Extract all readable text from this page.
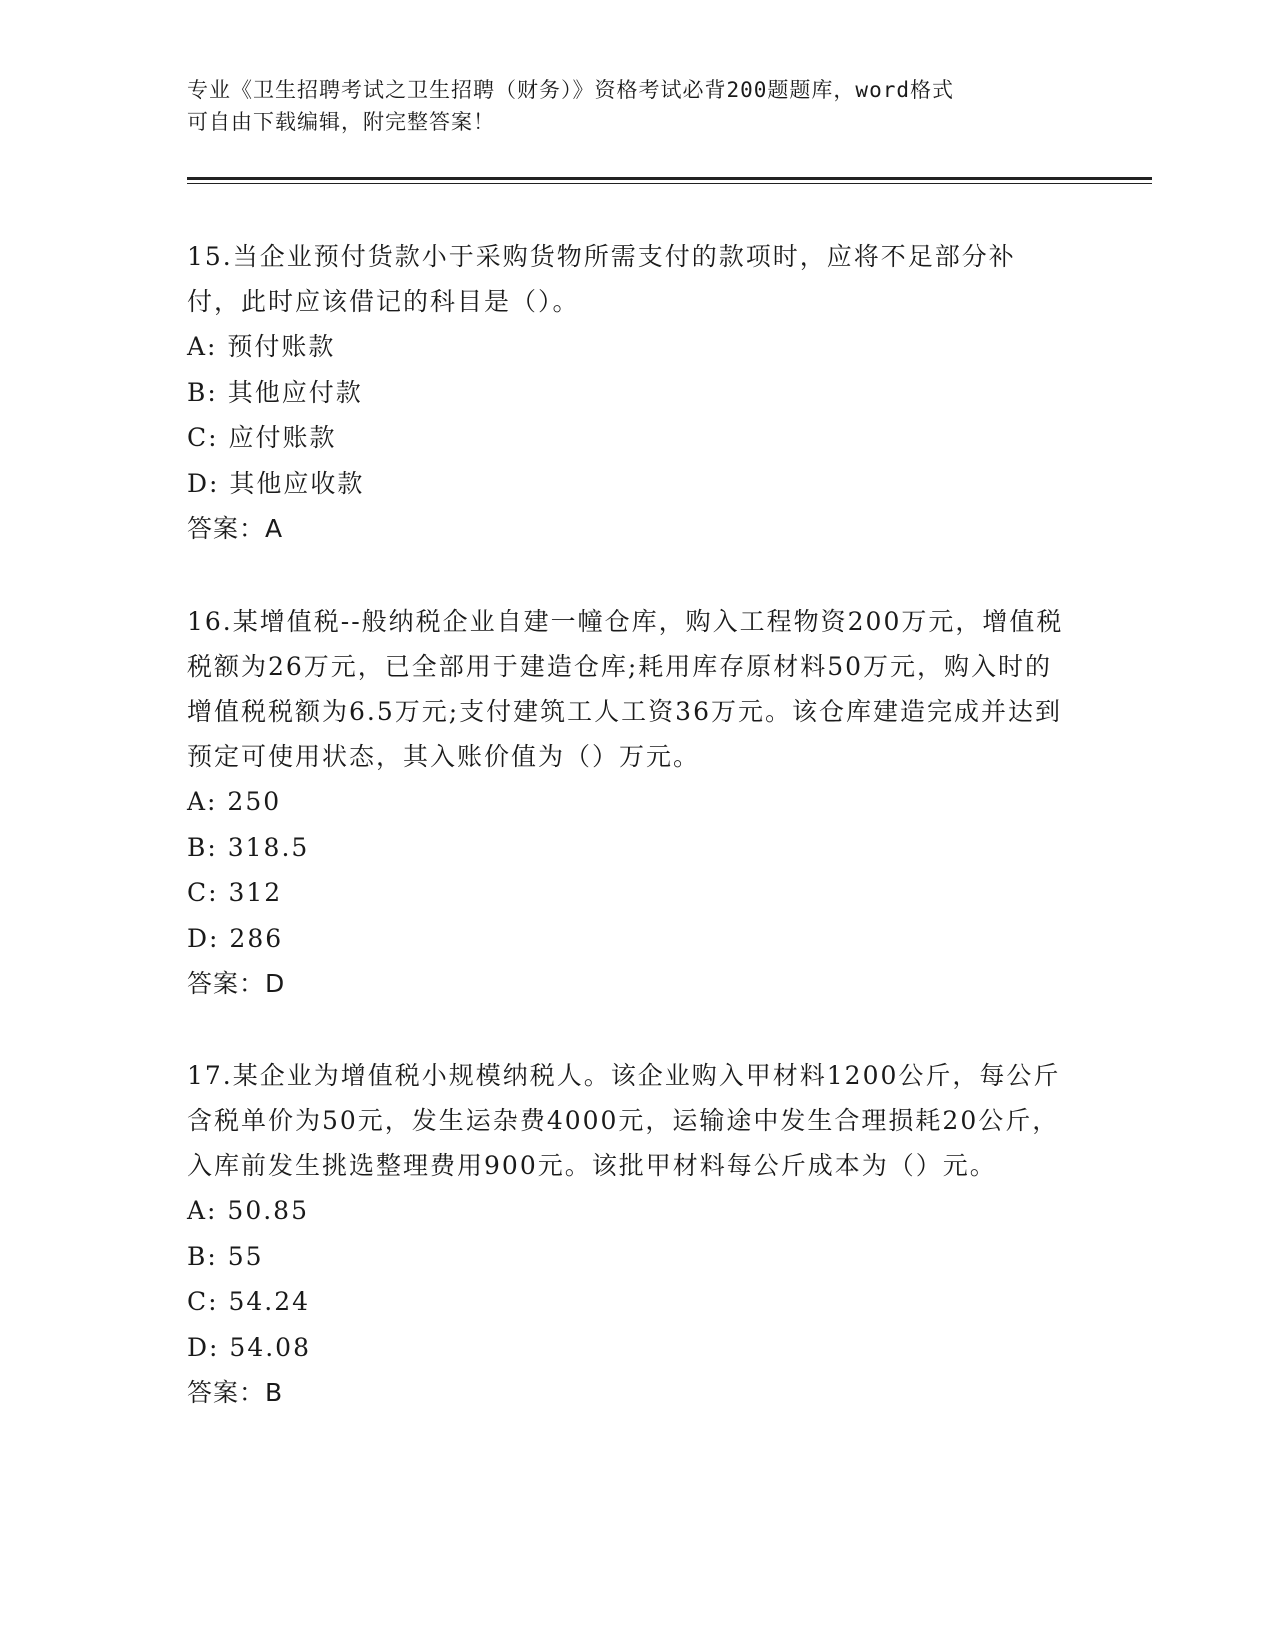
专业《卫生招聘考试之卫生招聘（财务）》资格考试必背200题题库，word格式
可自由下载编辑，附完整答案！

15.当企业预付货款小于采购货物所需支付的款项时，应将不足部分补付，此时应该借记的科目是（）。

A: 预付账款

B: 其他应付款

C: 应付账款

D: 其他应收款

答案：A

16.某增值税--般纳税企业自建一幢仓库，购入工程物资200万元，增值税税额为26万元，已全部用于建造仓库;耗用库存原材料50万元，购入时的增值税税额为6.5万元;支付建筑工人工资36万元。该仓库建造完成并达到预定可使用状态，其入账价值为（）万元。

A: 250

B: 318.5

C: 312

D: 286

答案：D

17.某企业为增值税小规模纳税人。该企业购入甲材料1200公斤，每公斤含税单价为50元，发生运杂费4000元，运输途中发生合理损耗20公斤，入库前发生挑选整理费用900元。该批甲材料每公斤成本为（）元。

A: 50.85

B: 55

C: 54.24

D: 54.08

答案：B
